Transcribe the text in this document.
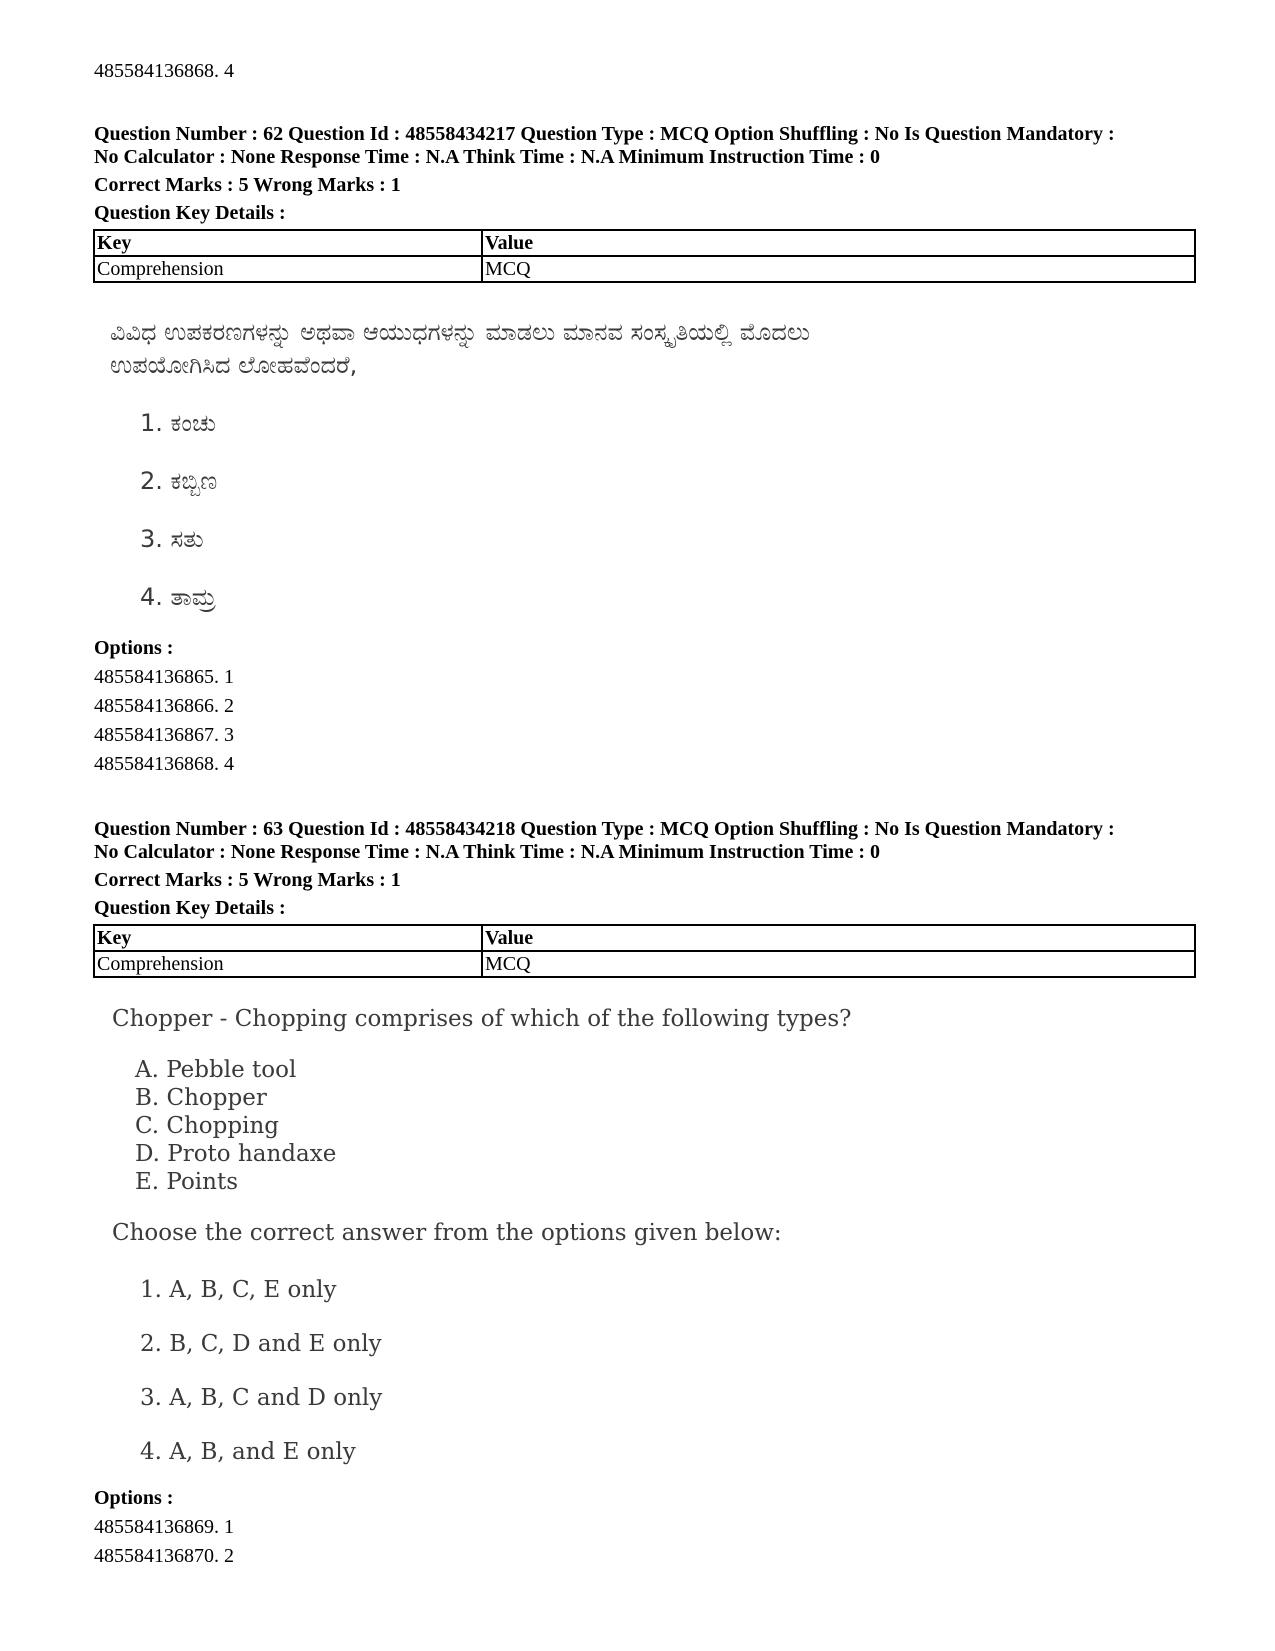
485584136868. 4
Question Number : 62 Question Id : 48558434217 Question Type : MCQ Option Shuffling : No Is Question Mandatory :
No Calculator : None Response Time : N.A Think Time : N.A Minimum Instruction Time : 0
Correct Marks : 5 Wrong Marks : 1
Question Key Details :
Key	Value
Comprehension	MCQ
ವಿವಿಧ ಉಪಕರಣಗಳನ್ನು ಅಥವಾ ಆಯುಧಗಳನ್ನು ಮಾಡಲು ಮಾನವ ಸಂಸ್ಕೃತಿಯಲ್ಲಿ ಮೊದಲು
ಉಪಯೋಗಿಸಿದ ಲೋಹವೆಂದರೆ,
1. ಕಂಚು
2. ಕಬ್ಬಿಣ
3. ಸತು
4. ತಾಮ್ರ
Options :
485584136865. 1
485584136866. 2
485584136867. 3
485584136868. 4
Question Number : 63 Question Id : 48558434218 Question Type : MCQ Option Shuffling : No Is Question Mandatory :
No Calculator : None Response Time : N.A Think Time : N.A Minimum Instruction Time : 0
Correct Marks : 5 Wrong Marks : 1
Question Key Details :
Key	Value
Comprehension	MCQ
Chopper - Chopping comprises of which of the following types?
A. Pebble tool
B. Chopper
C. Chopping
D. Proto handaxe
E. Points
Choose the correct answer from the options given below:
1. A, B, C, E only
2. B, C, D and E only
3. A, B, C and D only
4. A, B, and E only
Options :
485584136869. 1
485584136870. 2
